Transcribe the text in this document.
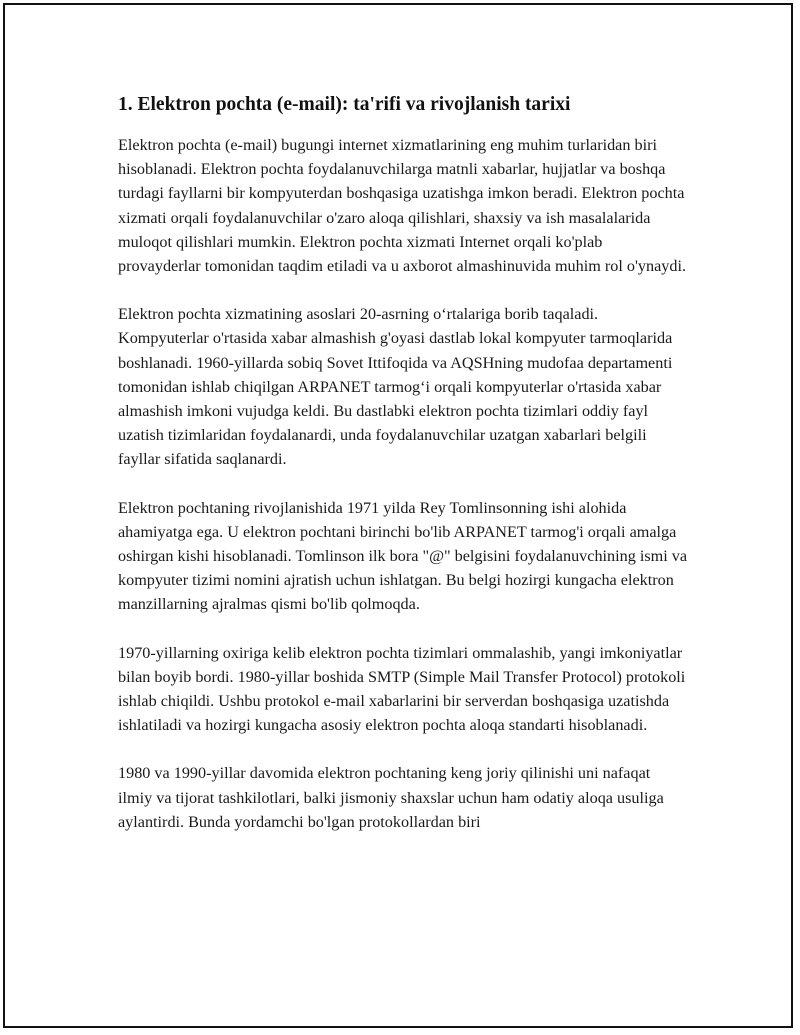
1. Elektron pochta (e-mail): ta'rifi va rivojlanish tarixi

Elektron pochta (e-mail) bugungi internet xizmatlarining eng muhim turlaridan biri hisoblanadi. Elektron pochta foydalanuvchilarga matnli xabarlar, hujjatlar va boshqa turdagi fayllarni bir kompyuterdan boshqasiga uzatishga imkon beradi. Elektron pochta xizmati orqali foydalanuvchilar o'zaro aloqa qilishlari, shaxsiy va ish masalalarida muloqot qilishlari mumkin. Elektron pochta xizmati Internet orqali ko'plab provayderlar tomonidan taqdim etiladi va u axborot almashinuvida muhim rol o'ynaydi.

Elektron pochta xizmatining asoslari 20-asrning o‘rtalariga borib taqaladi. Kompyuterlar o'rtasida xabar almashish g'oyasi dastlab lokal kompyuter tarmoqlarida boshlanadi. 1960-yillarda sobiq Sovet Ittifoqida va AQSHning mudofaa departamenti tomonidan ishlab chiqilgan ARPANET tarmog‘i orqali kompyuterlar o'rtasida xabar almashish imkoni vujudga keldi. Bu dastlabki elektron pochta tizimlari oddiy fayl uzatish tizimlaridan foydalanardi, unda foydalanuvchilar uzatgan xabarlari belgili fayllar sifatida saqlanardi.

Elektron pochtaning rivojlanishida 1971 yilda Rey Tomlinsonning ishi alohida ahamiyatga ega. U elektron pochtani birinchi bo'lib ARPANET tarmog'i orqali amalga oshirgan kishi hisoblanadi. Tomlinson ilk bora "@" belgisini foydalanuvchining ismi va kompyuter tizimi nomini ajratish uchun ishlatgan. Bu belgi hozirgi kungacha elektron manzillarning ajralmas qismi bo'lib qolmoqda.

1970-yillarning oxiriga kelib elektron pochta tizimlari ommalashib, yangi imkoniyatlar bilan boyib bordi. 1980-yillar boshida SMTP (Simple Mail Transfer Protocol) protokoli ishlab chiqildi. Ushbu protokol e-mail xabarlarini bir serverdan boshqasiga uzatishda ishlatiladi va hozirgi kungacha asosiy elektron pochta aloqa standarti hisoblanadi.

1980 va 1990-yillar davomida elektron pochtaning keng joriy qilinishi uni nafaqat ilmiy va tijorat tashkilotlari, balki jismoniy shaxslar uchun ham odatiy aloqa usuliga aylantirdi. Bunda yordamchi bo'lgan protokollardan biri
